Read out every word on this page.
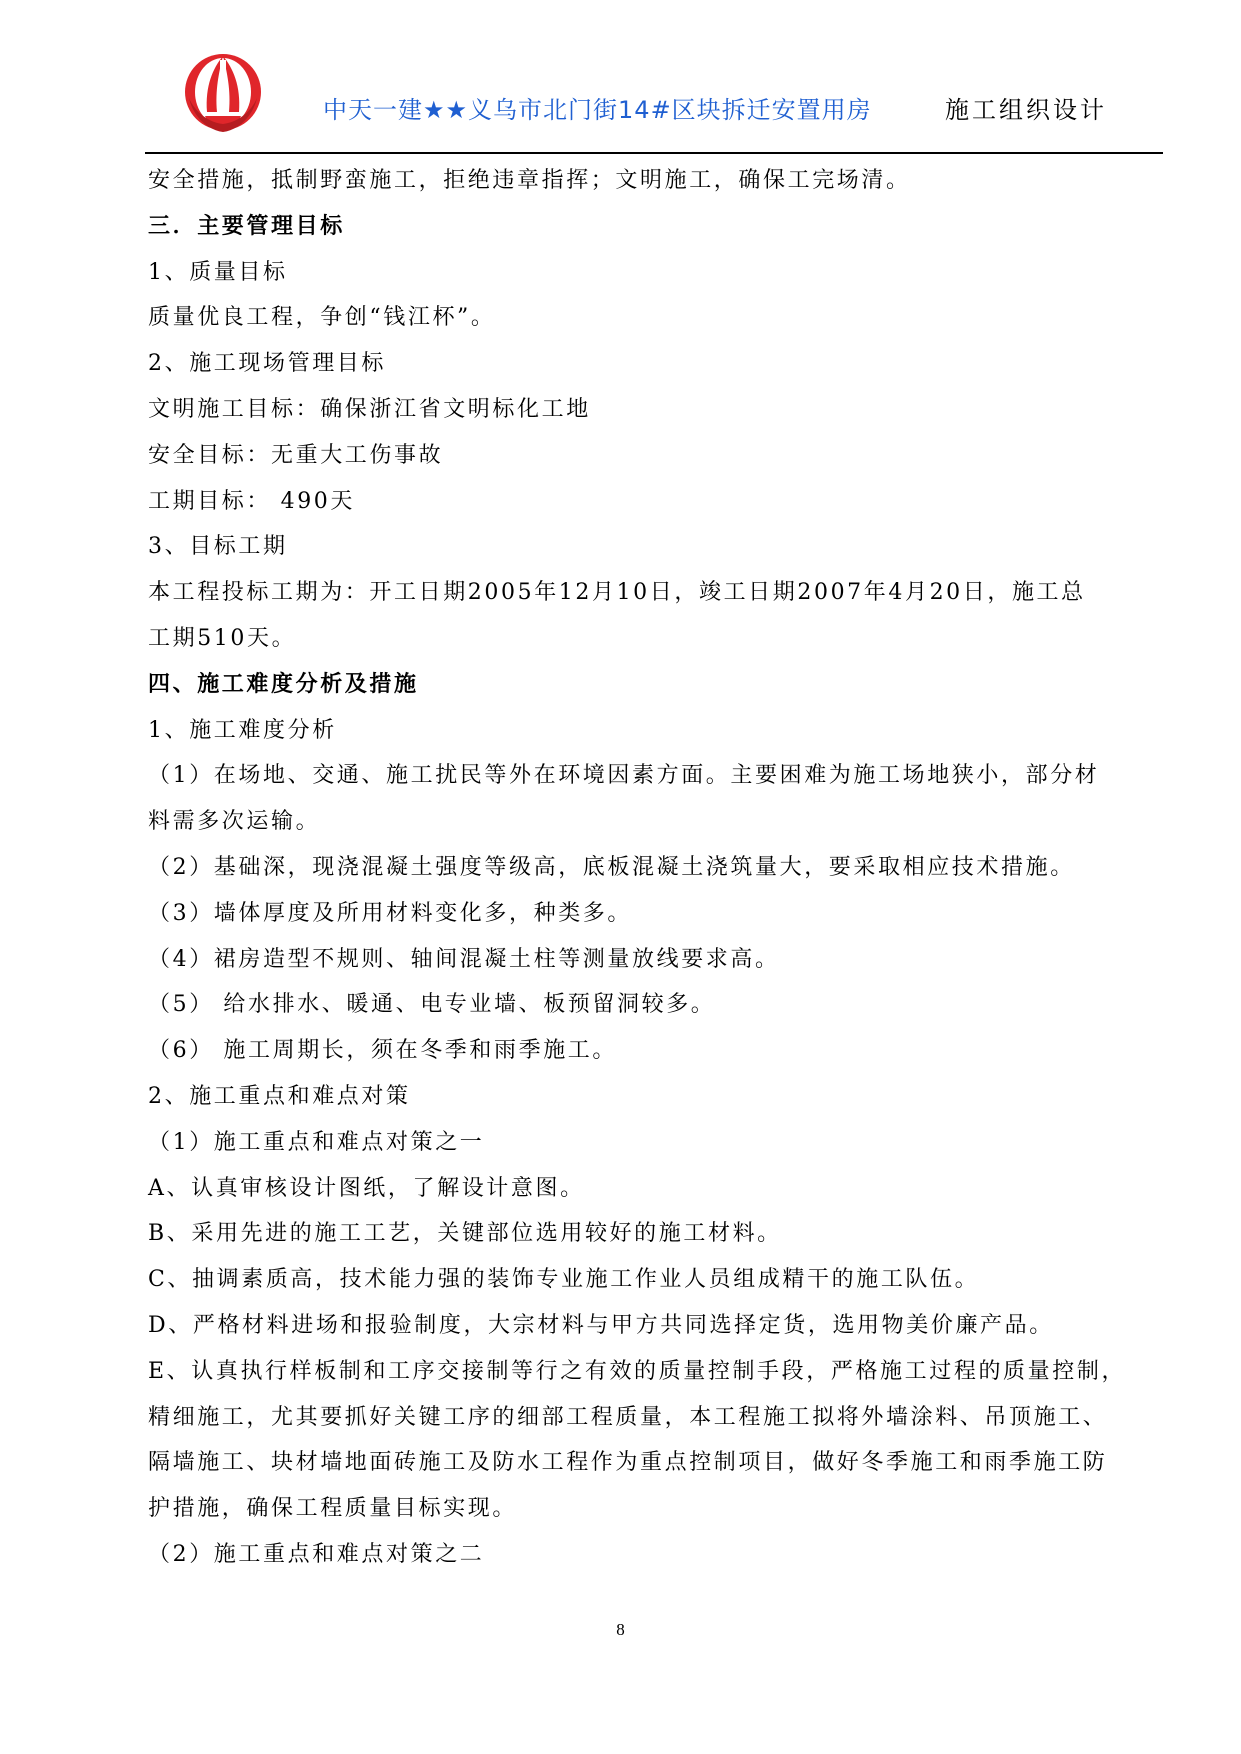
中天一建★★义乌市北门街14#区块拆迁安置用房	施工组织设计
安全措施，抵制野蛮施工，拒绝违章指挥；文明施工，确保工完场清。
三．主要管理目标
1、质量目标
质量优良工程，争创“钱江杯”。
2、施工现场管理目标
文明施工目标：确保浙江省文明标化工地
安全目标：无重大工伤事故
工期目标： 490天
3、目标工期
本工程投标工期为：开工日期2005年12月10日，竣工日期2007年4月20日，施工总
工期510天。
四、施工难度分析及措施
1、施工难度分析
（1）在场地、交通、施工扰民等外在环境因素方面。主要困难为施工场地狭小，部分材
料需多次运输。
（2）基础深，现浇混凝土强度等级高，底板混凝土浇筑量大，要采取相应技术措施。
（3）墙体厚度及所用材料变化多，种类多。
（4）裙房造型不规则、轴间混凝土柱等测量放线要求高。
（5） 给水排水、暖通、电专业墙、板预留洞较多。
（6） 施工周期长，须在冬季和雨季施工。
2、施工重点和难点对策
（1）施工重点和难点对策之一
A、认真审核设计图纸，了解设计意图。
B、采用先进的施工工艺，关键部位选用较好的施工材料。
C、抽调素质高，技术能力强的装饰专业施工作业人员组成精干的施工队伍。
D、严格材料进场和报验制度，大宗材料与甲方共同选择定货，选用物美价廉产品。
E、认真执行样板制和工序交接制等行之有效的质量控制手段，严格施工过程的质量控制，
精细施工，尤其要抓好关键工序的细部工程质量，本工程施工拟将外墙涂料、吊顶施工、
隔墙施工、块材墙地面砖施工及防水工程作为重点控制项目，做好冬季施工和雨季施工防
护措施，确保工程质量目标实现。
（2）施工重点和难点对策之二
8
